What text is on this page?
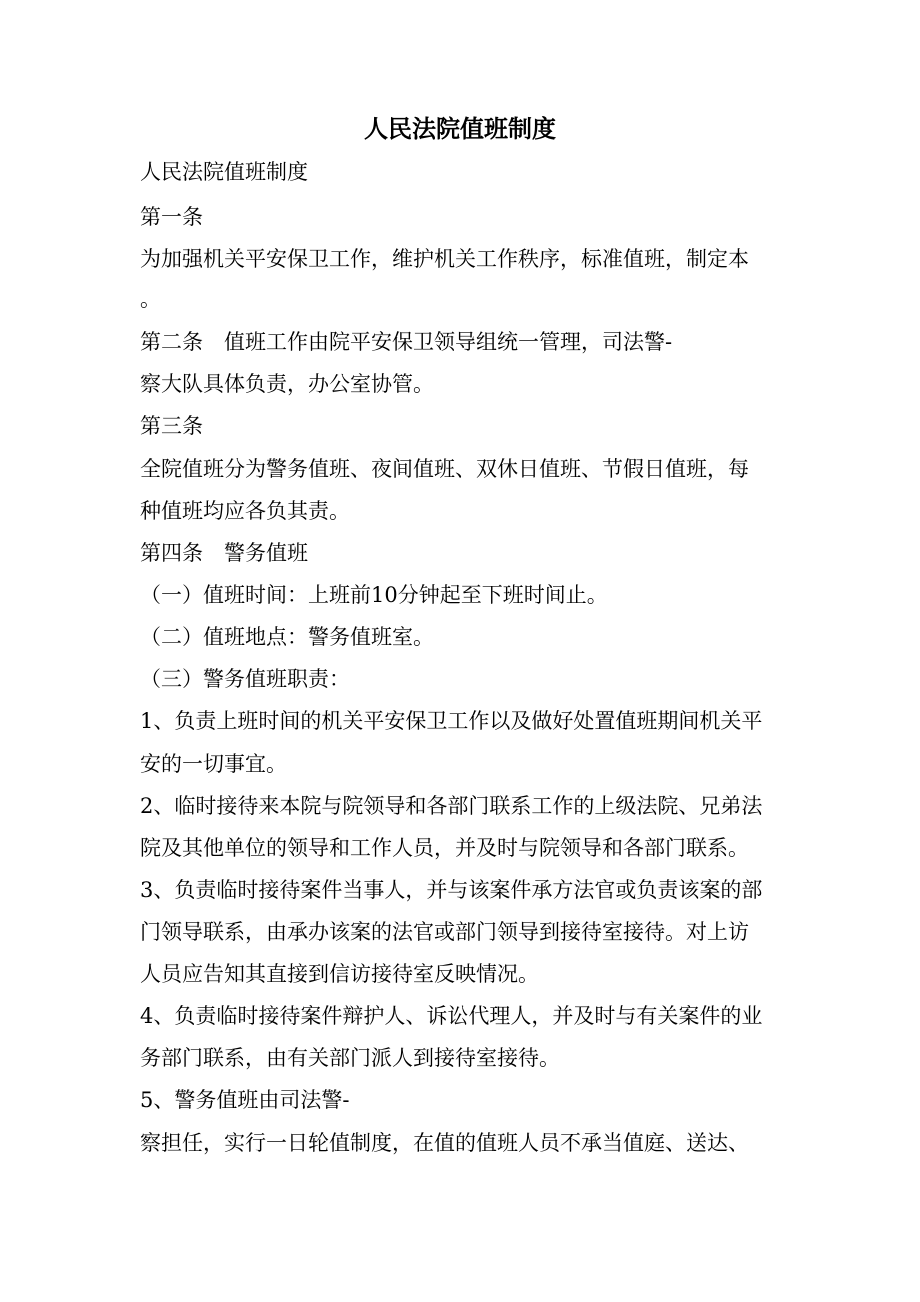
人民法院值班制度

人民法院值班制度

第一条

为加强机关平安保卫工作，维护机关工作秩序，标准值班，制定本

。

第二条　值班工作由院平安保卫领导组统一管理，司法警-

察大队具体负责，办公室协管。

第三条

全院值班分为警务值班、夜间值班、双休日值班、节假日值班，每

种值班均应各负其责。

第四条　警务值班

（一）值班时间：上班前10分钟起至下班时间止。

（二）值班地点：警务值班室。

（三）警务值班职责：

1、负责上班时间的机关平安保卫工作以及做好处置值班期间机关平

安的一切事宜。

2、临时接待来本院与院领导和各部门联系工作的上级法院、兄弟法

院及其他单位的领导和工作人员，并及时与院领导和各部门联系。

3、负责临时接待案件当事人，并与该案件承方法官或负责该案的部

门领导联系，由承办该案的法官或部门领导到接待室接待。对上访

人员应告知其直接到信访接待室反映情况。

4、负责临时接待案件辩护人、诉讼代理人，并及时与有关案件的业

务部门联系，由有关部门派人到接待室接待。

5、警务值班由司法警-

察担任，实行一日轮值制度，在值的值班人员不承当值庭、送达、
